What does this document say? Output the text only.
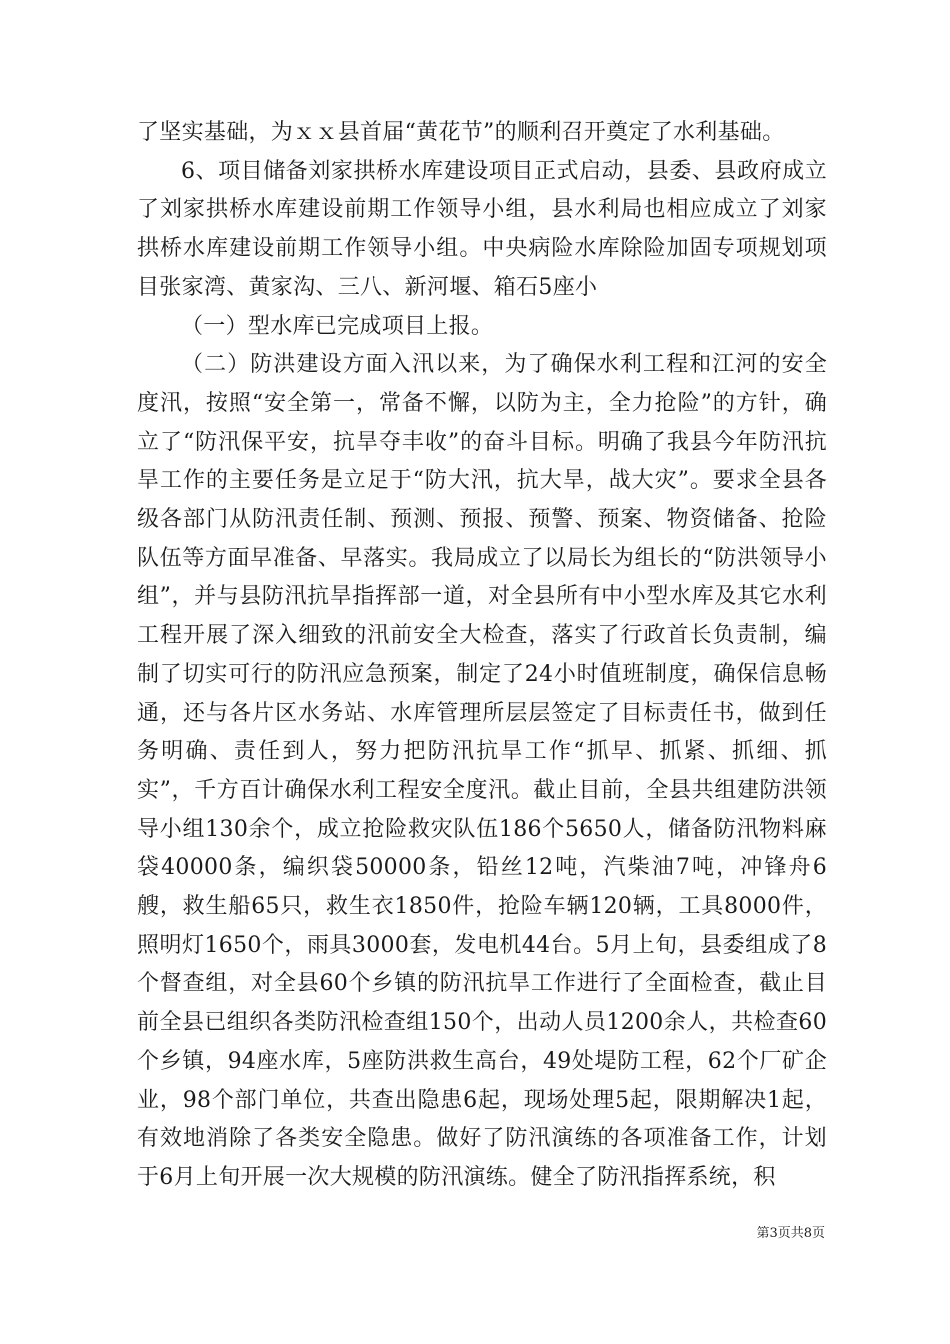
了坚实基础，为ｘｘ县首届“黄花节”的顺利召开奠定了水利基础。

6、项目储备刘家拱桥水库建设项目正式启动，县委、县政府成立了刘家拱桥水库建设前期工作领导小组，县水利局也相应成立了刘家拱桥水库建设前期工作领导小组。中央病险水库除险加固专项规划项目张家湾、黄家沟、三八、新河堰、箱石5座小

（一）型水库已完成项目上报。

（二）防洪建设方面入汛以来，为了确保水利工程和江河的安全度汛，按照“安全第一，常备不懈，以防为主，全力抢险”的方针，确立了“防汛保平安，抗旱夺丰收”的奋斗目标。明确了我县今年防汛抗旱工作的主要任务是立足于“防大汛，抗大旱，战大灾”。要求全县各级各部门从防汛责任制、预测、预报、预警、预案、物资储备、抢险队伍等方面早准备、早落实。我局成立了以局长为组长的“防洪领导小组”，并与县防汛抗旱指挥部一道，对全县所有中小型水库及其它水利工程开展了深入细致的汛前安全大检查，落实了行政首长负责制，编制了切实可行的防汛应急预案，制定了24小时值班制度，确保信息畅通，还与各片区水务站、水库管理所层层签定了目标责任书，做到任务明确、责任到人，努力把防汛抗旱工作“抓早、抓紧、抓细、抓实”，千方百计确保水利工程安全度汛。截止目前，全县共组建防洪领导小组130余个，成立抢险救灾队伍186个5650人，储备防汛物料麻袋40000条，编织袋50000条，铅丝12吨，汽柴油7吨，冲锋舟6艘，救生船65只，救生衣1850件，抢险车辆120辆，工具8000件，照明灯1650个，雨具3000套，发电机44台。5月上旬，县委组成了8个督查组，对全县60个乡镇的防汛抗旱工作进行了全面检查，截止目前全县已组织各类防汛检查组150个，出动人员1200余人，共检查60个乡镇，94座水库，5座防洪救生高台，49处堤防工程，62个厂矿企业，98个部门单位，共查出隐患6起，现场处理5起，限期解决1起，有效地消除了各类安全隐患。做好了防汛演练的各项准备工作，计划于6月上旬开展一次大规模的防汛演练。健全了防汛指挥系统，积

第3页共8页
